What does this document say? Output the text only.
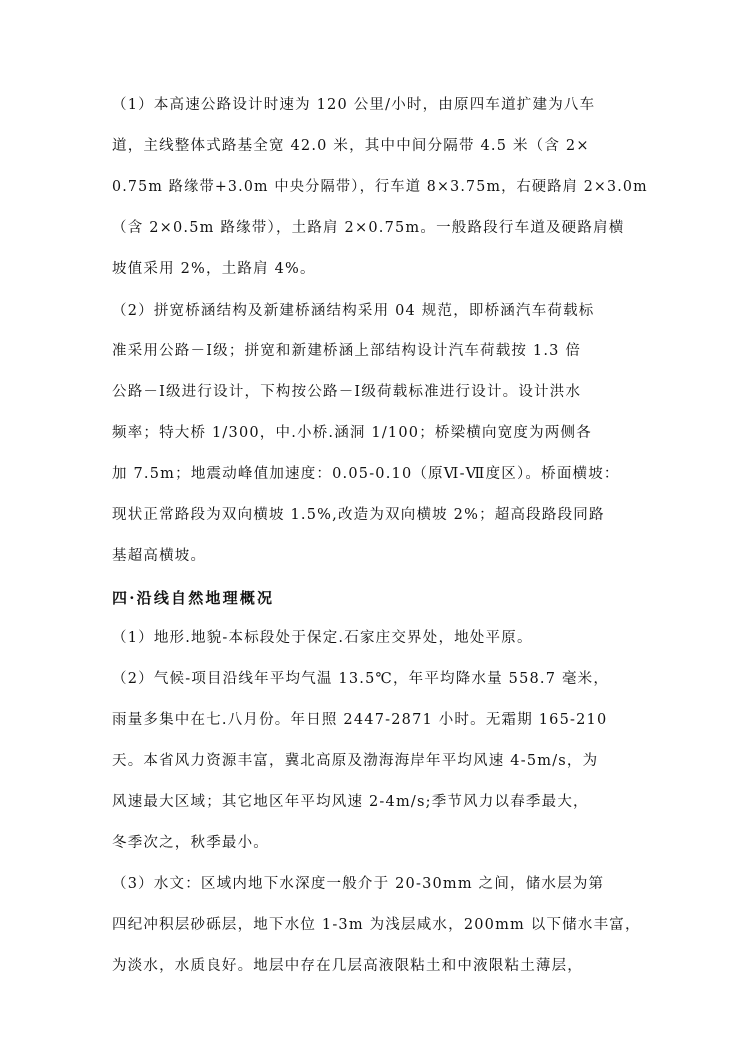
（1）本高速公路设计时速为 120 公里/小时，由原四车道扩建为八车
道，主线整体式路基全宽 42.0 米，其中中间分隔带 4.5 米（含 2×
0.75m 路缘带+3.0m 中央分隔带），行车道 8×3.75m，右硬路肩 2×3.0m
（含 2×0.5m 路缘带），土路肩 2×0.75m。一般路段行车道及硬路肩横
坡值采用 2%，土路肩 4%。
（2）拼宽桥涵结构及新建桥涵结构采用 04 规范，即桥涵汽车荷载标
准采用公路－Ⅰ级；拼宽和新建桥涵上部结构设计汽车荷载按 1.3 倍
公路－Ⅰ级进行设计，下构按公路－Ⅰ级荷载标准进行设计。设计洪水
频率；特大桥 1/300，中.小桥.涵洞 1/100；桥梁横向宽度为两侧各
加 7.5m；地震动峰值加速度：0.05-0.10（原Ⅵ-Ⅶ度区）。桥面横坡：
现状正常路段为双向横坡 1.5%,改造为双向横坡 2%；超高段路段同路
基超高横坡。
四·沿线自然地理概况
（1）地形.地貌-本标段处于保定.石家庄交界处，地处平原。
（2）气候-项目沿线年平均气温 13.5℃，年平均降水量 558.7 毫米，
雨量多集中在七.八月份。年日照 2447-2871 小时。无霜期 165-210
天。本省风力资源丰富，冀北高原及渤海海岸年平均风速 4-5m/s，为
风速最大区域；其它地区年平均风速 2-4m/s;季节风力以春季最大，
冬季次之，秋季最小。
（3）水文：区域内地下水深度一般介于 20-30mm 之间，储水层为第
四纪冲积层砂砾层，地下水位 1-3m 为浅层咸水，200mm 以下储水丰富，
为淡水，水质良好。地层中存在几层高液限粘土和中液限粘土薄层，
